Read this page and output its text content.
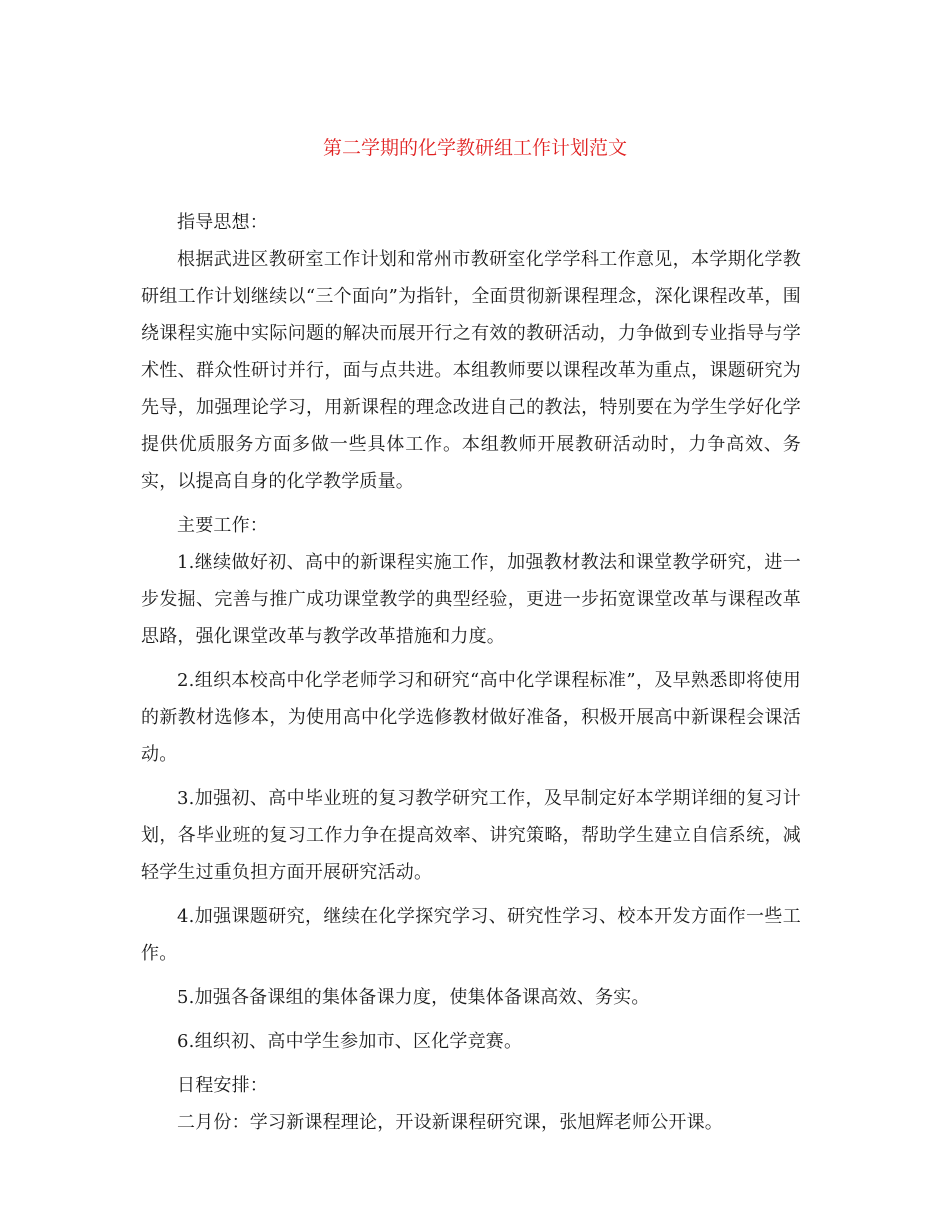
第二学期的化学教研组工作计划范文

指导思想：

根据武进区教研室工作计划和常州市教研室化学学科工作意见，本学期化学教研组工作计划继续以“三个面向”为指针，全面贯彻新课程理念，深化课程改革，围绕课程实施中实际问题的解决而展开行之有效的教研活动，力争做到专业指导与学术性、群众性研讨并行，面与点共进。本组教师要以课程改革为重点，课题研究为先导，加强理论学习，用新课程的理念改进自己的教法，特别要在为学生学好化学提供优质服务方面多做一些具体工作。本组教师开展教研活动时，力争高效、务实，以提高自身的化学教学质量。

主要工作：

1.继续做好初、高中的新课程实施工作，加强教材教法和课堂教学研究，进一步发掘、完善与推广成功课堂教学的典型经验，更进一步拓宽课堂改革与课程改革思路，强化课堂改革与教学改革措施和力度。

2.组织本校高中化学老师学习和研究“高中化学课程标准”，及早熟悉即将使用的新教材选修本，为使用高中化学选修教材做好准备，积极开展高中新课程会课活动。

3.加强初、高中毕业班的复习教学研究工作，及早制定好本学期详细的复习计划，各毕业班的复习工作力争在提高效率、讲究策略，帮助学生建立自信系统，减轻学生过重负担方面开展研究活动。

4.加强课题研究，继续在化学探究学习、研究性学习、校本开发方面作一些工作。

5.加强各备课组的集体备课力度，使集体备课高效、务实。

6.组织初、高中学生参加市、区化学竞赛。

日程安排：

二月份：学习新课程理论，开设新课程研究课，张旭辉老师公开课。
